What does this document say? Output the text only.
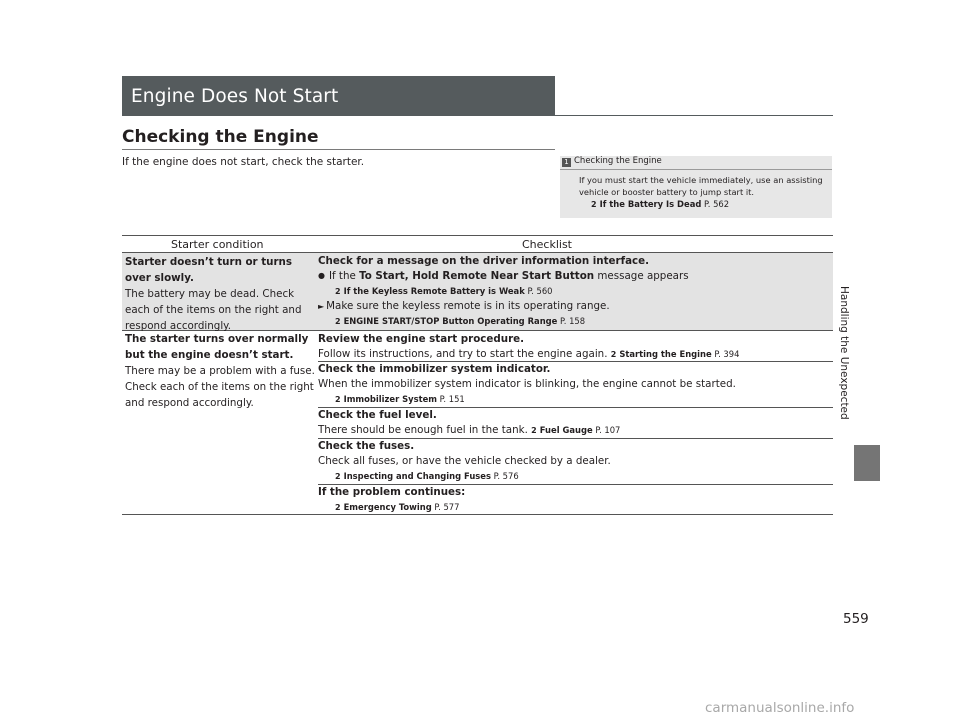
Engine Does Not Start
Checking the Engine
If the engine does not start, check the starter.	1 Checking the Engine
If you must start the vehicle immediately, use an assisting vehicle or booster battery to jump start it.
2 If the Battery Is Dead P. 562
Starter condition	Checklist
Starter doesn’t turn or turns over slowly.
The battery may be dead. Check each of the items on the right and respond accordingly.
Check for a message on the driver information interface.
● If the To Start, Hold Remote Near Start Button message appears
2 If the Keyless Remote Battery is Weak P. 560
► Make sure the keyless remote is in its operating range.
2 ENGINE START/STOP Button Operating Range P. 158
The starter turns over normally but the engine doesn’t start.
There may be a problem with a fuse. Check each of the items on the right and respond accordingly.
Review the engine start procedure.
Follow its instructions, and try to start the engine again. 2 Starting the Engine P. 394
Check the immobilizer system indicator.
When the immobilizer system indicator is blinking, the engine cannot be started.
2 Immobilizer System P. 151
Check the fuel level.
There should be enough fuel in the tank. 2 Fuel Gauge P. 107
Check the fuses.
Check all fuses, or have the vehicle checked by a dealer.
2 Inspecting and Changing Fuses P. 576
If the problem continues:
2 Emergency Towing P. 577
Handling the Unexpected
559
carmanualsonline.info
